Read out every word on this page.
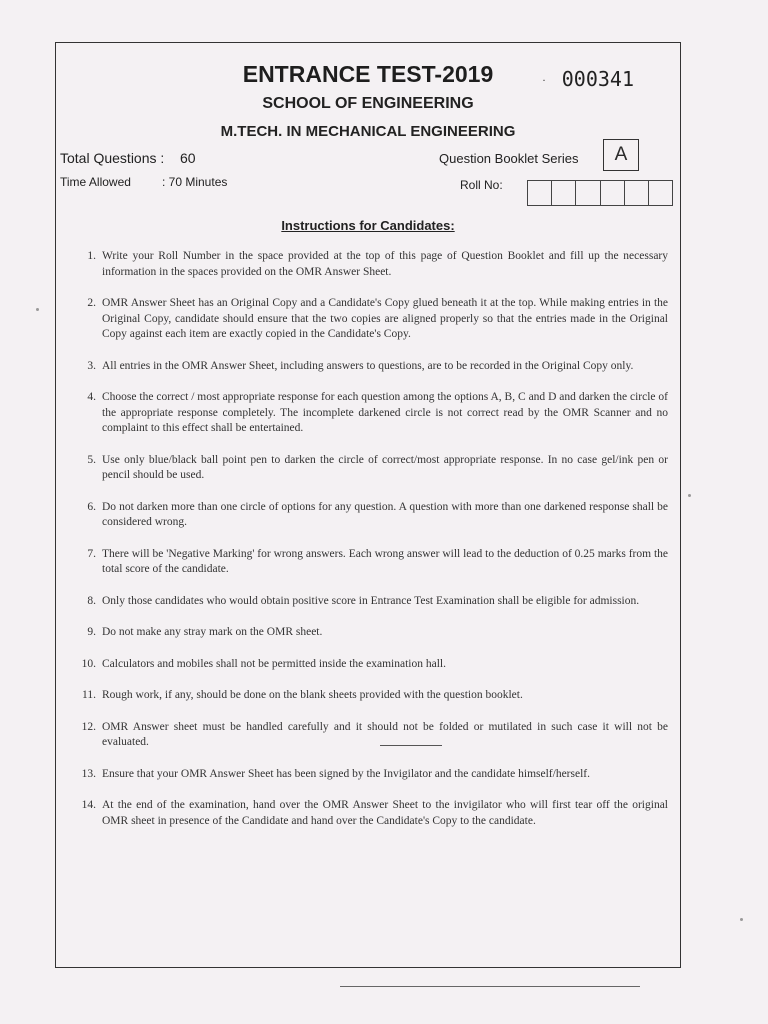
ENTRANCE TEST-2019	· 000341
SCHOOL OF ENGINEERING
M.TECH. IN MECHANICAL ENGINEERING
Total Questions : 60
Time Allowed	: 70 Minutes
Question Booklet Series	A
Roll No:
Instructions for Candidates:
1. Write your Roll Number in the space provided at the top of this page of Question Booklet and fill up the necessary information in the spaces provided on the OMR Answer Sheet.
2. OMR Answer Sheet has an Original Copy and a Candidate's Copy glued beneath it at the top. While making entries in the Original Copy, candidate should ensure that the two copies are aligned properly so that the entries made in the Original Copy against each item are exactly copied in the Candidate's Copy.
3. All entries in the OMR Answer Sheet, including answers to questions, are to be recorded in the Original Copy only.
4. Choose the correct / most appropriate response for each question among the options A, B, C and D and darken the circle of the appropriate response completely. The incomplete darkened circle is not correct read by the OMR Scanner and no complaint to this effect shall be entertained.
5. Use only blue/black ball point pen to darken the circle of correct/most appropriate response. In no case gel/ink pen or pencil should be used.
6. Do not darken more than one circle of options for any question. A question with more than one darkened response shall be considered wrong.
7. There will be 'Negative Marking' for wrong answers. Each wrong answer will lead to the deduction of 0.25 marks from the total score of the candidate.
8. Only those candidates who would obtain positive score in Entrance Test Examination shall be eligible for admission.
9. Do not make any stray mark on the OMR sheet.
10. Calculators and mobiles shall not be permitted inside the examination hall.
11. Rough work, if any, should be done on the blank sheets provided with the question booklet.
12. OMR Answer sheet must be handled carefully and it should not be folded or mutilated in such case it will not be evaluated.
13. Ensure that your OMR Answer Sheet has been signed by the Invigilator and the candidate himself/herself.
14. At the end of the examination, hand over the OMR Answer Sheet to the invigilator who will first tear off the original OMR sheet in presence of the Candidate and hand over the Candidate's Copy to the candidate.
